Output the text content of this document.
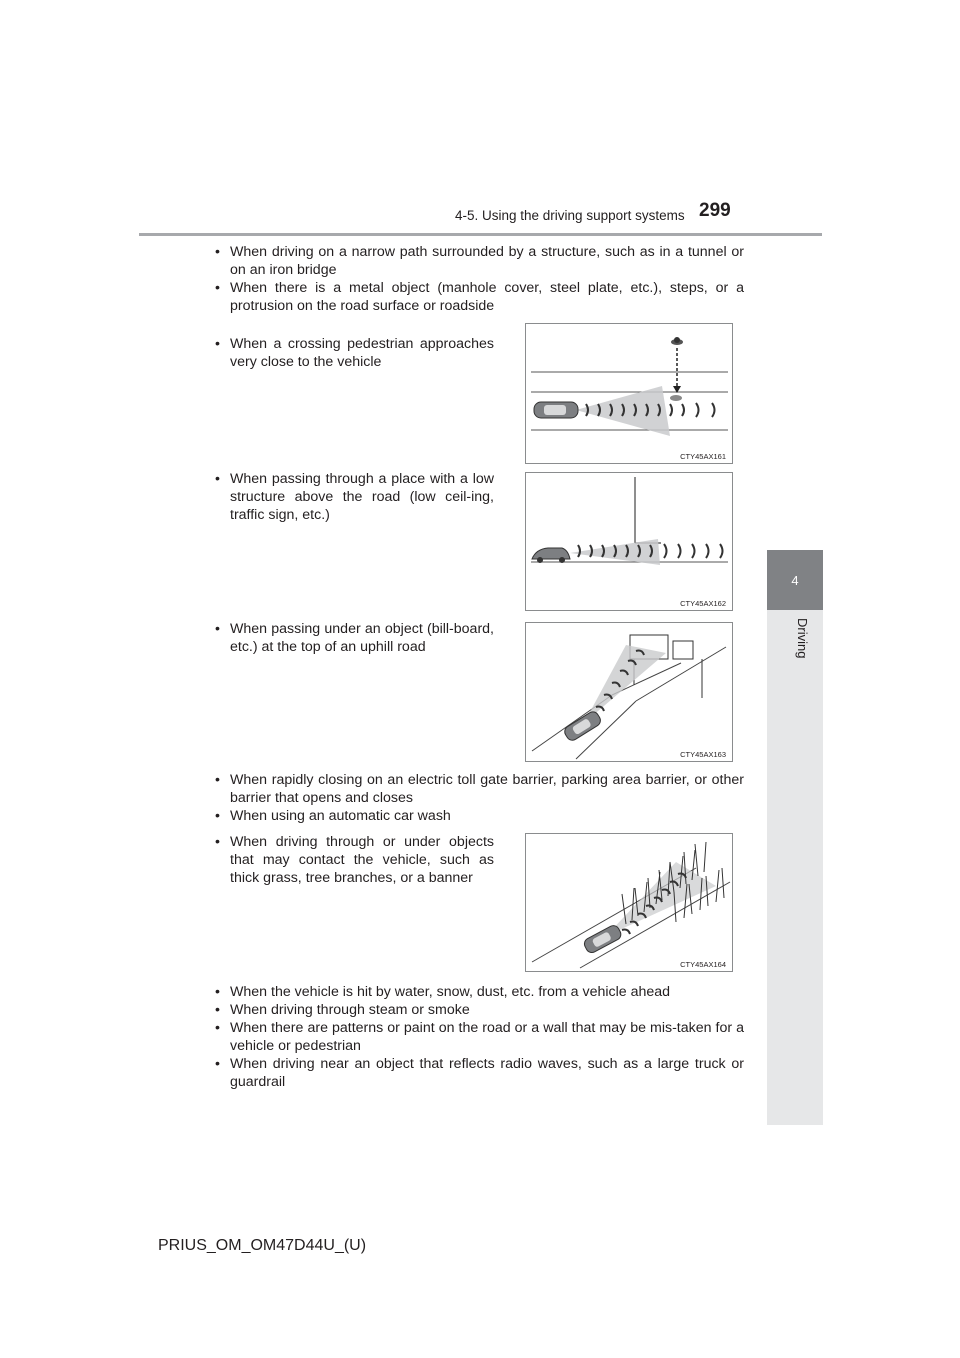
4-5. Using the driving support systems 299
4
Driving
• When driving on a narrow path surrounded by a structure, such as in a tunnel or on an iron bridge
• When there is a metal object (manhole cover, steel plate, etc.), steps, or a protrusion on the road surface or roadside
• When a crossing pedestrian approaches very close to the vehicle
CTY45AX161
• When passing through a place with a low structure above the road (low ceil-ing, traffic sign, etc.)
CTY45AX162
• When passing under an object (bill-board, etc.) at the top of an uphill road
CTY45AX163
• When rapidly closing on an electric toll gate barrier, parking area barrier, or other barrier that opens and closes
• When using an automatic car wash
• When driving through or under objects that may contact the vehicle, such as thick grass, tree branches, or a banner
CTY45AX164
• When the vehicle is hit by water, snow, dust, etc. from a vehicle ahead
• When driving through steam or smoke
• When there are patterns or paint on the road or a wall that may be mis-taken for a vehicle or pedestrian
• When driving near an object that reflects radio waves, such as a large truck or guardrail
PRIUS_OM_OM47D44U_(U)
